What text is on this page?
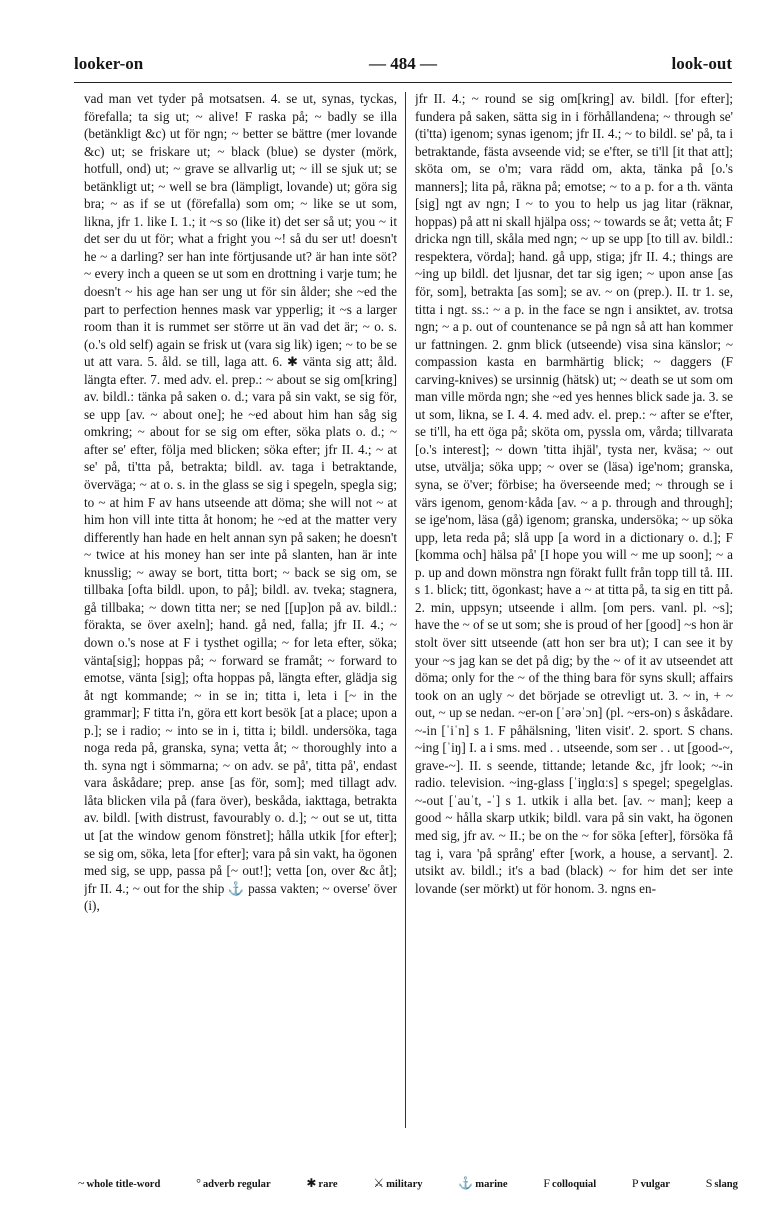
looker-on	— 484 —	look-out

vad man vet tyder på motsatsen. 4. se ut, synas, tyckas, förefalla; ta sig ut; ~ alive! F raska på; ~ badly se illa (betänkligt &c) ut för ngn; ~ better se bättre (mer lovande &c) ut; se friskare ut; ~ black (blue) se dyster (mörk, hotfull, ond) ut; ~ grave se allvarlig ut; ~ ill se sjuk ut; se betänkligt ut; ~ well se bra (lämpligt, lovande) ut; göra sig bra; ~ as if se ut (förefalla) som om; ~ like se ut som, likna, jfr 1. like I. 1.; it ~s so (like it) det ser så ut; you ~ it det ser du ut för; what a fright you ~! så du ser ut! doesn't he ~ a darling? ser han inte förtjusande ut? är han inte söt? ~ every inch a queen se ut som en drottning i varje tum; he doesn't ~ his age han ser ung ut för sin ålder; she ~ed the part to perfection hennes mask var ypperlig; it ~s a larger room than it is rummet ser större ut än vad det är; ~ o. s. (o.'s old self) again se frisk ut (vara sig lik) igen; ~ to be se ut att vara. 5. åld. se till, laga att. 6. ✱ vänta sig att; åld. längta efter. 7. med adv. el. prep.: ~ about se sig om[kring] av. bildl.: tänka på saken o. d.; vara på sin vakt, se sig för, se upp [av. ~ about one]; he ~ed about him han såg sig omkring; ~ about for se sig om efter, söka plats o. d.; ~ after se' efter, följa med blicken; söka efter; jfr II. 4.; ~ at se' på, ti'tta på, betrakta; bildl. av. taga i betraktande, överväga; ~ at o. s. in the glass se sig i spegeln, spegla sig; to ~ at him F av hans utseende att döma; she will not ~ at him hon vill inte titta åt honom; he ~ed at the matter very differently han hade en helt annan syn på saken; he doesn't ~ twice at his money han ser inte på slanten, han är inte knusslig; ~ away se bort, titta bort; ~ back se sig om, se tillbaka [ofta bildl. upon, to på]; bildl. av. tveka; stagnera, gå tillbaka; ~ down titta ner; se ned [[up]on på av. bildl.: förakta, se över axeln]; hand. gå ned, falla; jfr II. 4.; ~ down o.'s nose at F i tysthet ogilla; ~ for leta efter, söka; vänta[sig]; hoppas på; ~ forward se framåt; ~ forward to emotse, vänta [sig]; ofta hoppas på, längta efter, glädja sig åt ngt kommande; ~ in se in; titta i, leta i [~ in the grammar]; F titta i'n, göra ett kort besök [at a place; upon a p.]; se i radio; ~ into se in i, titta i; bildl. undersöka, taga noga reda på, granska, syna; vetta åt; ~ thoroughly into a th. syna ngt i sömmarna; ~ on adv. se på', titta på', endast vara åskådare; prep. anse [as för, som]; med tillagt adv. låta blicken vila på (fara över), beskåda, iakttaga, betrakta av. bildl. [with distrust, favourably o. d.]; ~ out se ut, titta ut [at the window genom fönstret]; hålla utkik [for efter]; se sig om, söka, leta [for efter]; vara på sin vakt, ha ögonen med sig, se upp, passa på [~ out!]; vetta [on, over &c åt]; jfr II. 4.; ~ out for the ship ⚓ passa vakten; ~ overse' över (i),

jfr II. 4.; ~ round se sig om[kring] av. bildl. [for efter]; fundera på saken, sätta sig in i förhållandena; ~ through se' (ti'tta) igenom; synas igenom; jfr II. 4.; ~ to bildl. se' på, ta i betraktande, fästa avseende vid; se e'fter, se ti'll [it that att]; sköta om, se o'm; vara rädd om, akta, tänka på [o.'s manners]; lita på, räkna på; emotse; ~ to a p. for a th. vänta [sig] ngt av ngn; I ~ to you to help us jag litar (räknar, hoppas) på att ni skall hjälpa oss; ~ towards se åt; vetta åt; F dricka ngn till, skåla med ngn; ~ up se upp [to till av. bildl.: respektera, vörda]; hand. gå upp, stiga; jfr II. 4.; things are ~ing up bildl. det ljusnar, det tar sig igen; ~ upon anse [as för, som], betrakta [as som]; se av. ~ on (prep.). II. tr 1. se, titta i ngt. ss.: ~ a p. in the face se ngn i ansiktet, av. trotsa ngn; ~ a p. out of countenance se på ngn så att han kommer ur fattningen. 2. gnm blick (utseende) visa sina känslor; ~ compassion kasta en barmhärtig blick; ~ daggers (F carving-knives) se ursinnig (hätsk) ut; ~ death se ut som om man ville mörda ngn; she ~ed yes hennes blick sade ja. 3. se ut som, likna, se I. 4. 4. med adv. el. prep.: ~ after se e'fter, se ti'll, ha ett öga på; sköta om, pyssla om, vårda; tillvarata [o.'s interest]; ~ down 'titta ihjäl', tysta ner, kväsa; ~ out utse, utvälja; söka upp; ~ over se (läsa) ige'nom; granska, syna, se ö'ver; förbise; ha överseende med; ~ through se i värs igenom, genom·kåda [av. ~ a p. through and through]; se ige'nom, läsa (gå) igenom; granska, undersöka; ~ up söka upp, leta reda på; slå upp [a word in a dictionary o. d.]; F [komma och] hälsa på' [I hope you will ~ me up soon]; ~ a p. up and down mönstra ngn förakt fullt från topp till tå. III. s 1. blick; titt, ögonkast; have a ~ at titta på, ta sig en titt på. 2. min, uppsyn; utseende i allm. [om pers. vanl. pl. ~s]; have the ~ of se ut som; she is proud of her [good] ~s hon är stolt över sitt utseende (att hon ser bra ut); I can see it by your ~s jag kan se det på dig; by the ~ of it av utseendet att döma; only for the ~ of the thing bara för syns skull; affairs took on an ugly ~ det började se otrevligt ut. 3. ~ in, + ~ out, ~ up se nedan. ~er-on [ˈərəˈɔn] (pl. ~ers-on) s åskådare. ~-in [ˈiˈn] s 1. F påhälsning, 'liten visit'. 2. sport. S chans. ~ing [ˈiŋ] I. a i sms. med . . utseende, som ser . . ut [good-~, grave-~]. II. s seende, tittande; letande &c, jfr look; ~-in radio. television. ~ing-glass [ˈiŋglɑːs] s spegel; spegelglas. ~-out [ˈauˈt, -ˈ] s 1. utkik i alla bet. [av. ~ man]; keep a good ~ hålla skarp utkik; bildl. vara på sin vakt, ha ögonen med sig, jfr av. ~ II.; be on the ~ for söka [efter], försöka få tag i, vara 'på språng' efter [work, a house, a servant]. 2. utsikt av. bildl.; it's a bad (black) ~ for him det ser inte lovande (ser mörkt) ut för honom. 3. ngns en-

~ whole title-word	° adverb regular	✱ rare	⚔ military	⚓ marine	F colloquial	P vulgar	S slang
